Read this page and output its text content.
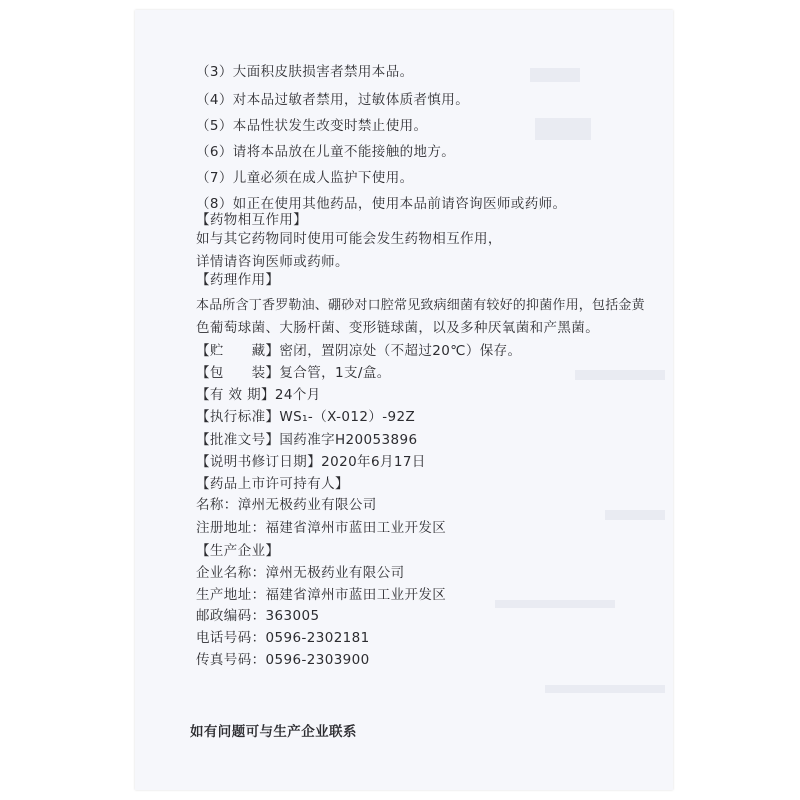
（3）大面积皮肤损害者禁用本品。
（4）对本品过敏者禁用，过敏体质者慎用。
（5）本品性状发生改变时禁止使用。
（6）请将本品放在儿童不能接触的地方。
（7）儿童必须在成人监护下使用。
（8）如正在使用其他药品，使用本品前请咨询医师或药师。
【药物相互作用】
如与其它药物同时使用可能会发生药物相互作用，
详情请咨询医师或药师。
【药理作用】
本品所含丁香罗勒油、硼砂对口腔常见致病细菌有较好的抑菌作用，包括金黄
色葡萄球菌、大肠杆菌、变形链球菌，以及多种厌氧菌和产黑菌。
【贮　　藏】密闭，置阴凉处（不超过20℃）保存。
【包　　装】复合管，1支/盒。
【有 效 期】24个月
【执行标准】WS₁-（X-012）-92Z
【批准文号】国药准字H20053896
【说明书修订日期】2020年6月17日
【药品上市许可持有人】
名称：漳州无极药业有限公司
注册地址：福建省漳州市蓝田工业开发区
【生产企业】
企业名称：漳州无极药业有限公司
生产地址：福建省漳州市蓝田工业开发区
邮政编码：363005
电话号码：0596-2302181
传真号码：0596-2303900
如有问题可与生产企业联系
